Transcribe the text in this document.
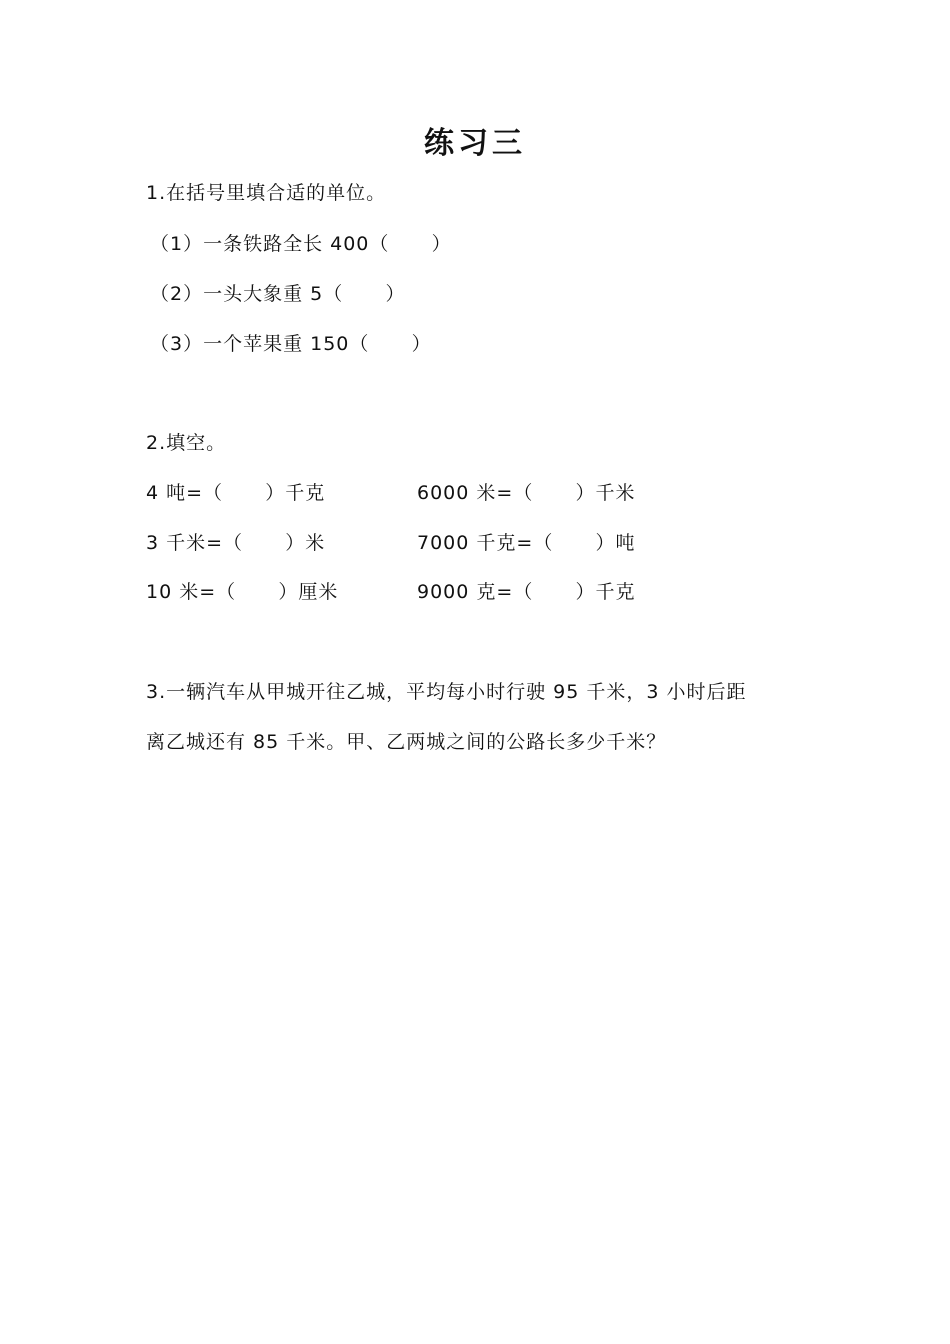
练习三
1.在括号里填合适的单位。
（1）一条铁路全长 400（      ）
（2）一头大象重 5（      ）
（3）一个苹果重 150（      ）
2.填空。
4 吨=（      ）千克	6000 米=（      ）千米
3 千米=（      ）米	7000 千克=（      ）吨
10 米=（      ）厘米	9000 克=（      ）千克
3.一辆汽车从甲城开往乙城，平均每小时行驶 95 千米，3 小时后距
离乙城还有 85 千米。甲、乙两城之间的公路长多少千米？
